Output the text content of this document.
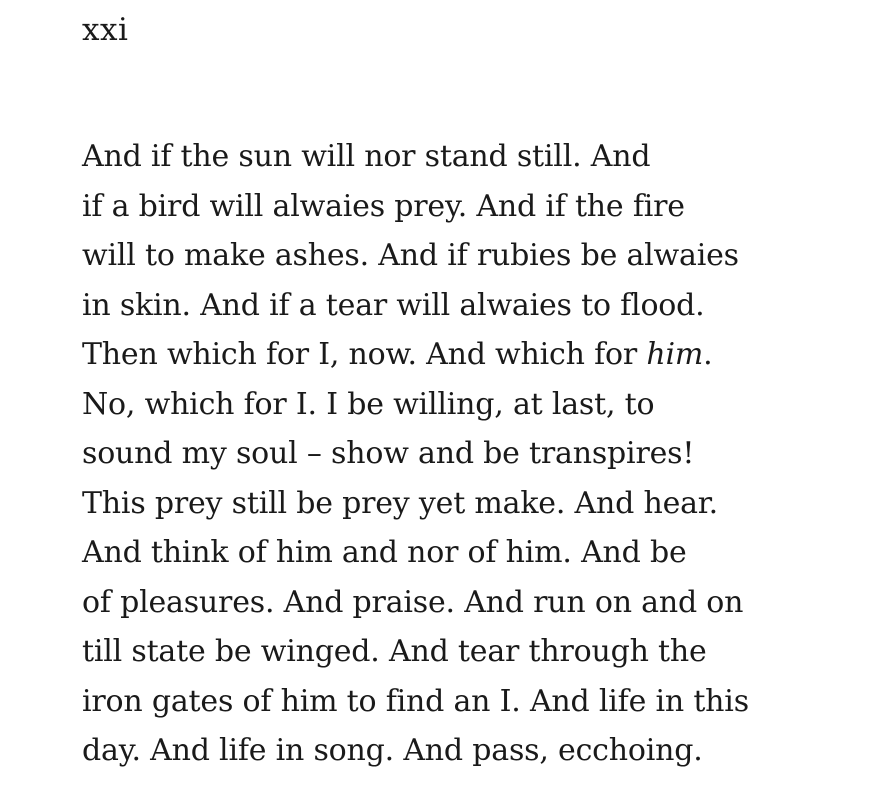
xxi
And if the sun will nor stand still. And
if a bird will alwaies prey. And if the fire
will to make ashes. And if rubies be alwaies
in skin. And if a tear will alwaies to flood.
Then which for I, now. And which for him.
No, which for I. I be willing, at last, to
sound my soul – show and be transpires!
This prey still be prey yet make. And hear.
And think of him and nor of him. And be
of pleasures. And praise. And run on and on
till state be winged. And tear through the
iron gates of him to find an I. And life in this
day. And life in song. And pass, ecchoing.
